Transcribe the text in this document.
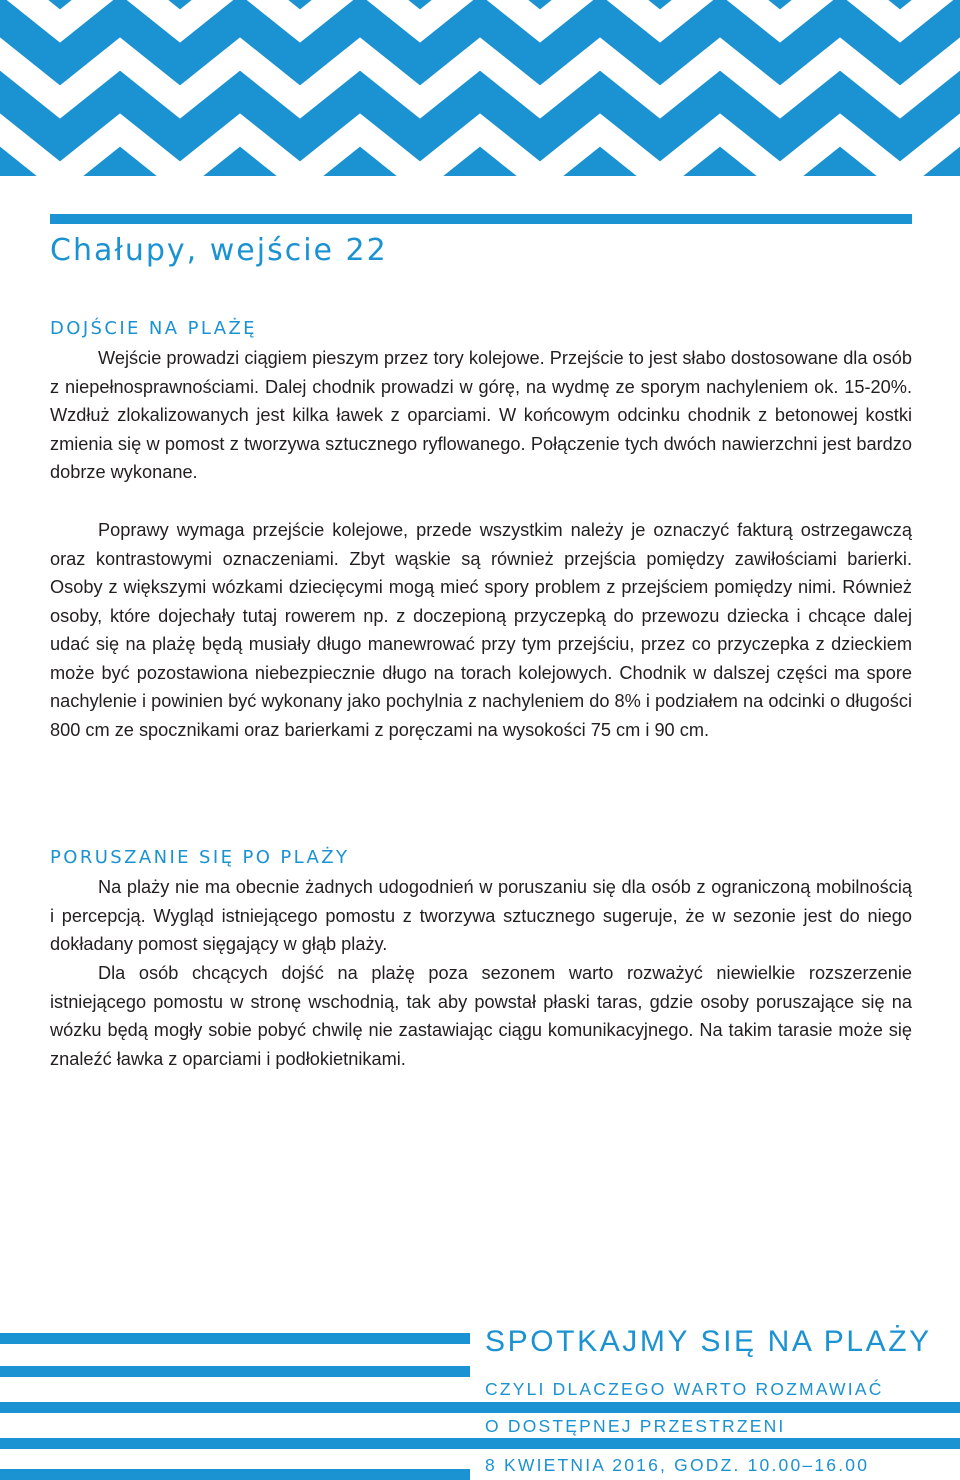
Chałupy, wejście 22
DOJŚCIE NA PLAŻĘ

Wejście prowadzi ciągiem pieszym przez tory kolejowe. Przejście to jest słabo dostosowane dla osób z niepełnosprawnościami. Dalej chodnik prowadzi w górę, na wydmę ze sporym nachyleniem ok. 15-20%. Wzdłuż zlokalizowanych jest kilka ławek z oparciami. W końcowym odcinku chodnik z betonowej kostki zmienia się w pomost z tworzywa sztucznego ryflowanego. Połączenie tych dwóch nawierzchni jest bardzo dobrze wykonane.

Poprawy wymaga przejście kolejowe, przede wszystkim należy je oznaczyć fakturą ostrzegawczą oraz kontrastowymi oznaczeniami. Zbyt wąskie są również przejścia pomiędzy zawiłościami barierki. Osoby z większymi wózkami dziecięcymi mogą mieć spory problem z przejściem pomiędzy nimi. Również osoby, które dojechały tutaj rowerem np. z doczepioną przyczepką do przewozu dziecka i chcące dalej udać się na plażę będą musiały długo manewrować przy tym przejściu, przez co przyczepka z dzieckiem może być pozostawiona niebezpiecznie długo na torach kolejowych. Chodnik w dalszej części ma spore nachylenie i powinien być wykonany jako pochylnia z nachyleniem do 8% i podziałem na odcinki o długości 800 cm ze spocznikami oraz barierkami z poręczami na wysokości 75 cm i 90 cm.

PORUSZANIE SIĘ PO PLAŻY

Na plaży nie ma obecnie żadnych udogodnień w poruszaniu się dla osób z ograniczoną mobilnością i percepcją. Wygląd istniejącego pomostu z tworzywa sztucznego sugeruje, że w sezonie jest do niego dokładany pomost sięgający w głąb plaży.

Dla osób chcących dojść na plażę poza sezonem warto rozważyć niewielkie rozszerzenie istniejącego pomostu w stronę wschodnią, tak aby powstał płaski taras, gdzie osoby poruszające się na wózku będą mogły sobie pobyć chwilę nie zastawiając ciągu komunikacyjnego. Na takim tarasie może się znaleźć ławka z oparciami i podłokietnikami.

SPOTKAJMY SIĘ NA PLAŻY
CZYLI DLACZEGO WARTO ROZMAWIAĆ
O DOSTĘPNEJ PRZESTRZENI
8 KWIETNIA 2016, GODZ. 10.00–16.00
